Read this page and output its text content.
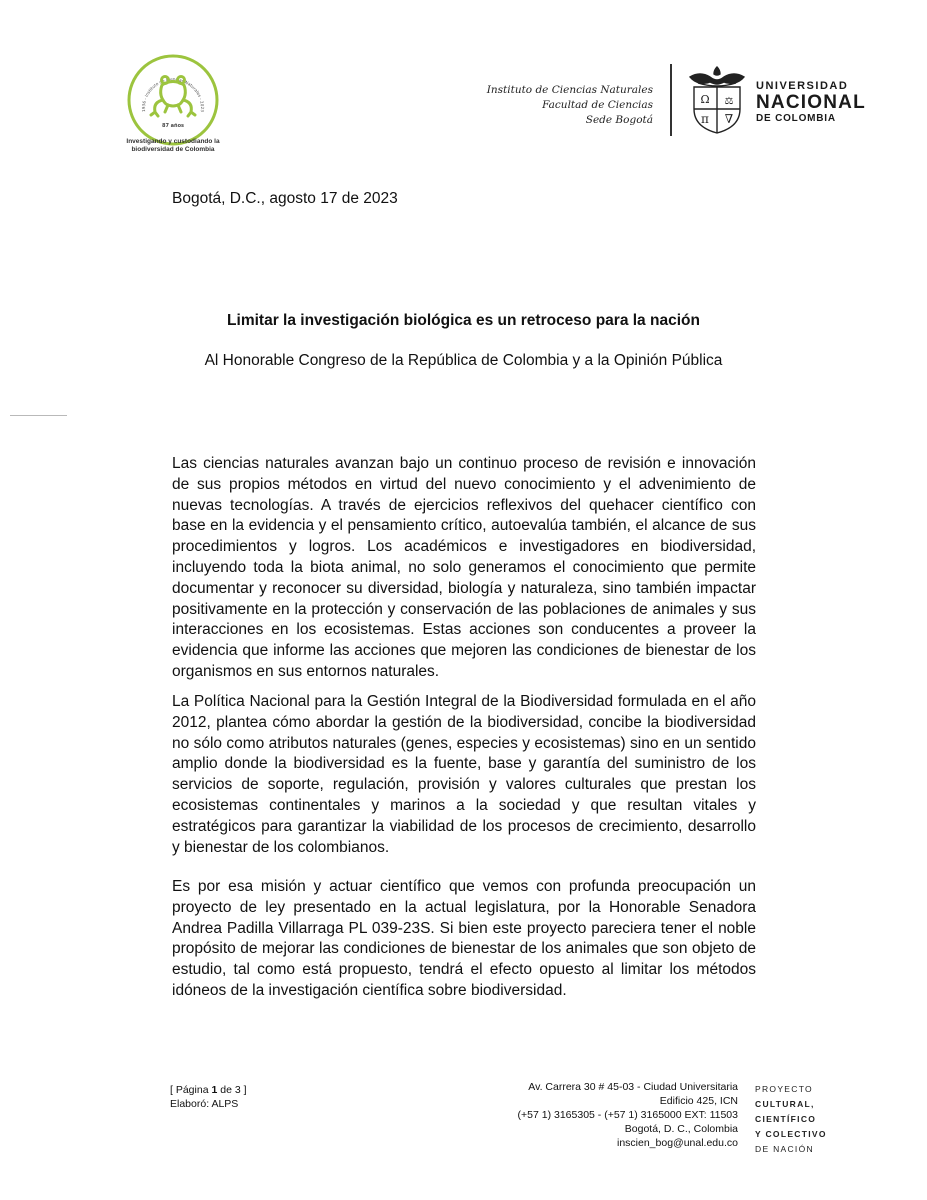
1936 - Instituto de Ciencias Naturales - 2023
87 años
Investigando y custodiando la
biodiversidad de Colombia
Instituto de Ciencias Naturales
Facultad de Ciencias
Sede Bogotá
Ω ⚖
π ∇
UNIVERSIDAD
NACIONAL
DE COLOMBIA
Bogotá, D.C., agosto 17 de 2023
Limitar la investigación biológica es un retroceso para la nación
Al Honorable Congreso de la República de Colombia y a la Opinión Pública

Las ciencias naturales avanzan bajo un continuo proceso de revisión e innovación de sus propios métodos en virtud del nuevo conocimiento y el advenimiento de nuevas tecnologías. A través de ejercicios reflexivos del quehacer científico con base en la evidencia y el pensamiento crítico, autoevalúa también, el alcance de sus procedimientos y logros. Los académicos e investigadores en biodiversidad, incluyendo toda la biota animal, no solo generamos el conocimiento que permite documentar y reconocer su diversidad, biología y naturaleza, sino también impactar positivamente en la protección y conservación de las poblaciones de animales y sus interacciones en los ecosistemas. Estas acciones son conducentes a proveer la evidencia que informe las acciones que mejoren las condiciones de bienestar de los organismos en sus entornos naturales.

La Política Nacional para la Gestión Integral de la Biodiversidad formulada en el año 2012, plantea cómo abordar la gestión de la biodiversidad, concibe la biodiversidad no sólo como atributos naturales (genes, especies y ecosistemas) sino en un sentido amplio donde la biodiversidad es la fuente, base y garantía del suministro de los servicios de soporte, regulación, provisión y valores culturales que prestan los ecosistemas continentales y marinos a la sociedad y que resultan vitales y estratégicos para garantizar la viabilidad de los procesos de crecimiento, desarrollo y bienestar de los colombianos.

Es por esa misión y actuar científico que vemos con profunda preocupación un proyecto de ley presentado en la actual legislatura, por la Honorable Senadora Andrea Padilla Villarraga PL 039-23S. Si bien este proyecto pareciera tener el noble propósito de mejorar las condiciones de bienestar de los animales que son objeto de estudio, tal como está propuesto, tendrá el efecto opuesto al limitar los métodos idóneos de la investigación científica sobre biodiversidad.

[ Página 1 de 3 ]
Elaboró: ALPS
Av. Carrera 30 # 45-03 - Ciudad Universitaria
Edificio 425, ICN
(+57 1) 3165305 - (+57 1) 3165000 EXT: 11503
Bogotá, D. C., Colombia
inscien_bog@unal.edu.co
PROYECTO
CULTURAL,
CIENTÍFICO
Y COLECTIVO
DE NACIÓN
